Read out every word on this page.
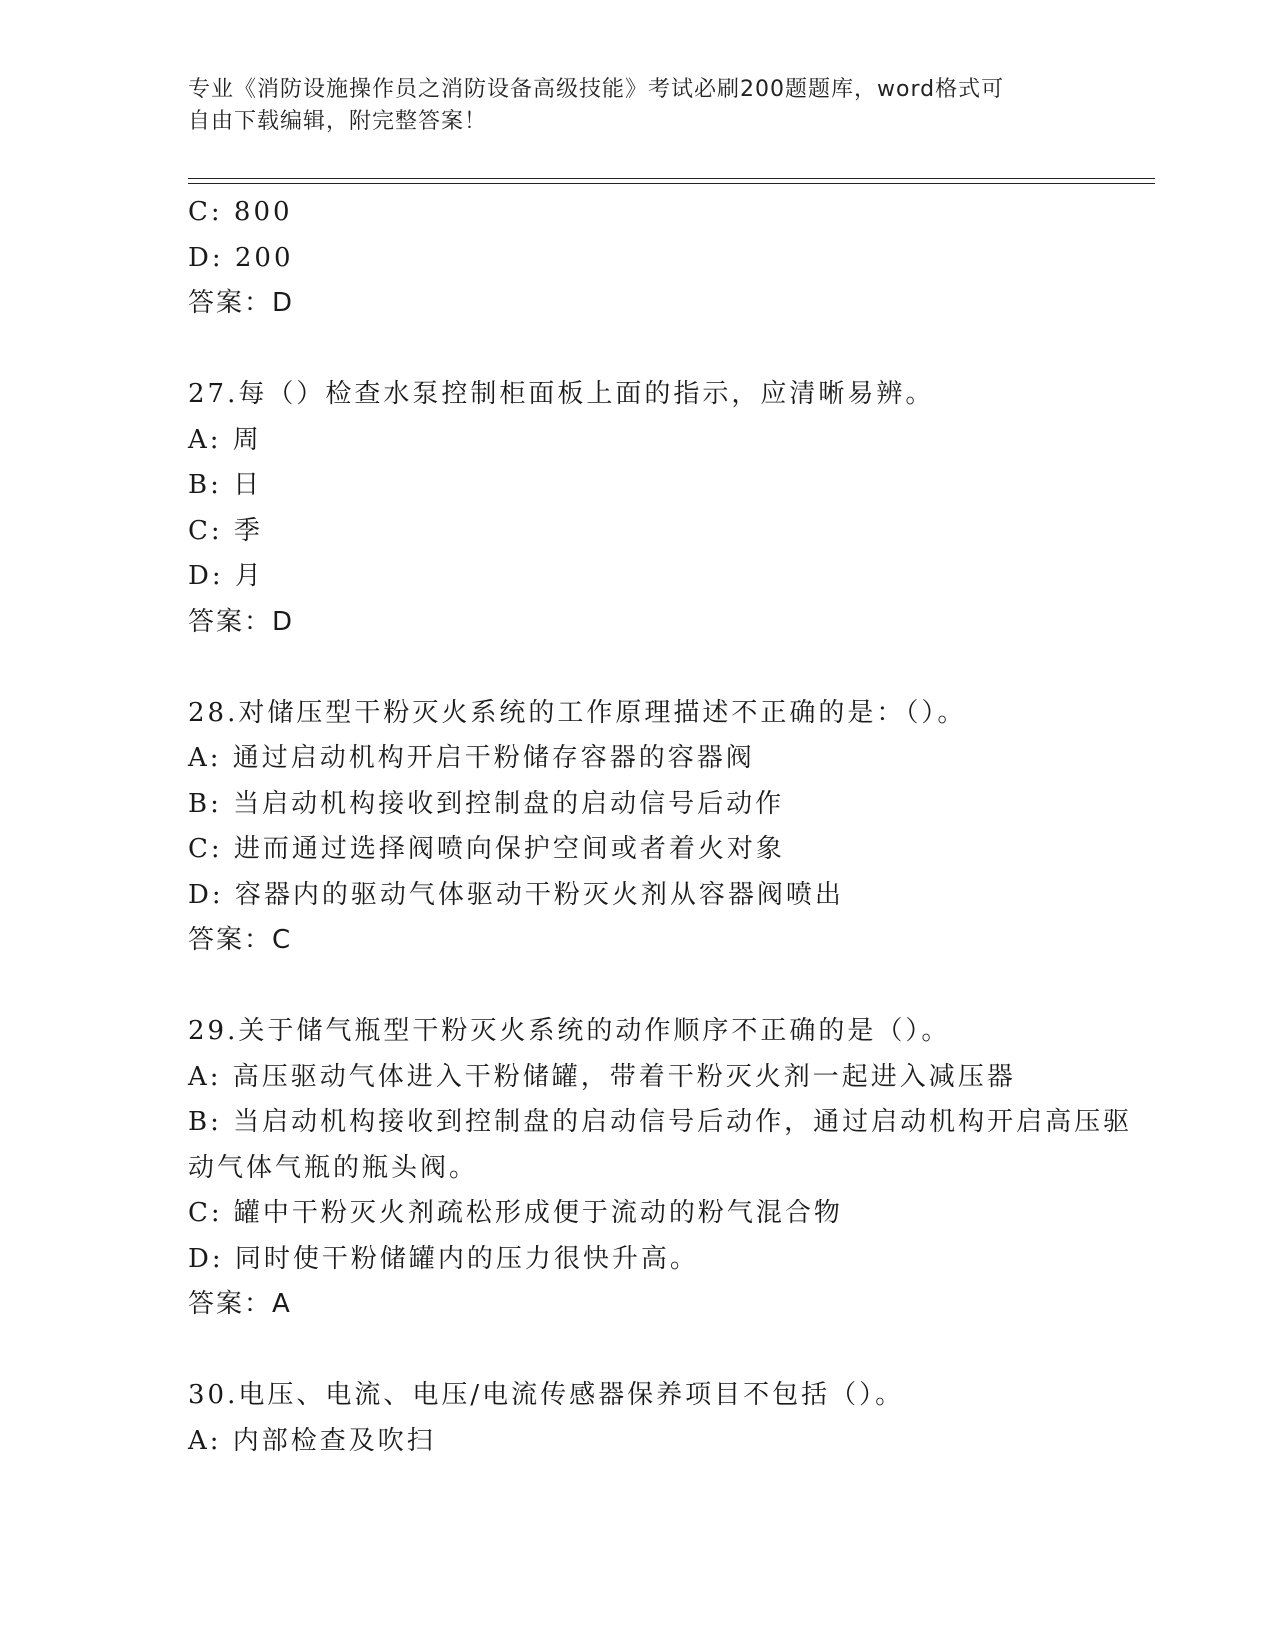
专业《消防设施操作员之消防设备高级技能》考试必刷200题题库，word格式可
自由下载编辑，附完整答案！
C: 800
D: 200
答案：D
27.每（）检查水泵控制柜面板上面的指示，应清晰易辨。
A: 周
B: 日
C: 季
D: 月
答案：D
28.对储压型干粉灭火系统的工作原理描述不正确的是：（）。
A: 通过启动机构开启干粉储存容器的容器阀
B: 当启动机构接收到控制盘的启动信号后动作
C: 进而通过选择阀喷向保护空间或者着火对象
D: 容器内的驱动气体驱动干粉灭火剂从容器阀喷出
答案：C
29.关于储气瓶型干粉灭火系统的动作顺序不正确的是（）。
A: 高压驱动气体进入干粉储罐，带着干粉灭火剂一起进入减压器
B: 当启动机构接收到控制盘的启动信号后动作，通过启动机构开启高压驱动气体气瓶的瓶头阀。
C: 罐中干粉灭火剂疏松形成便于流动的粉气混合物
D: 同时使干粉储罐内的压力很快升高。
答案：A
30.电压、电流、电压/电流传感器保养项目不包括（）。
A: 内部检查及吹扫
